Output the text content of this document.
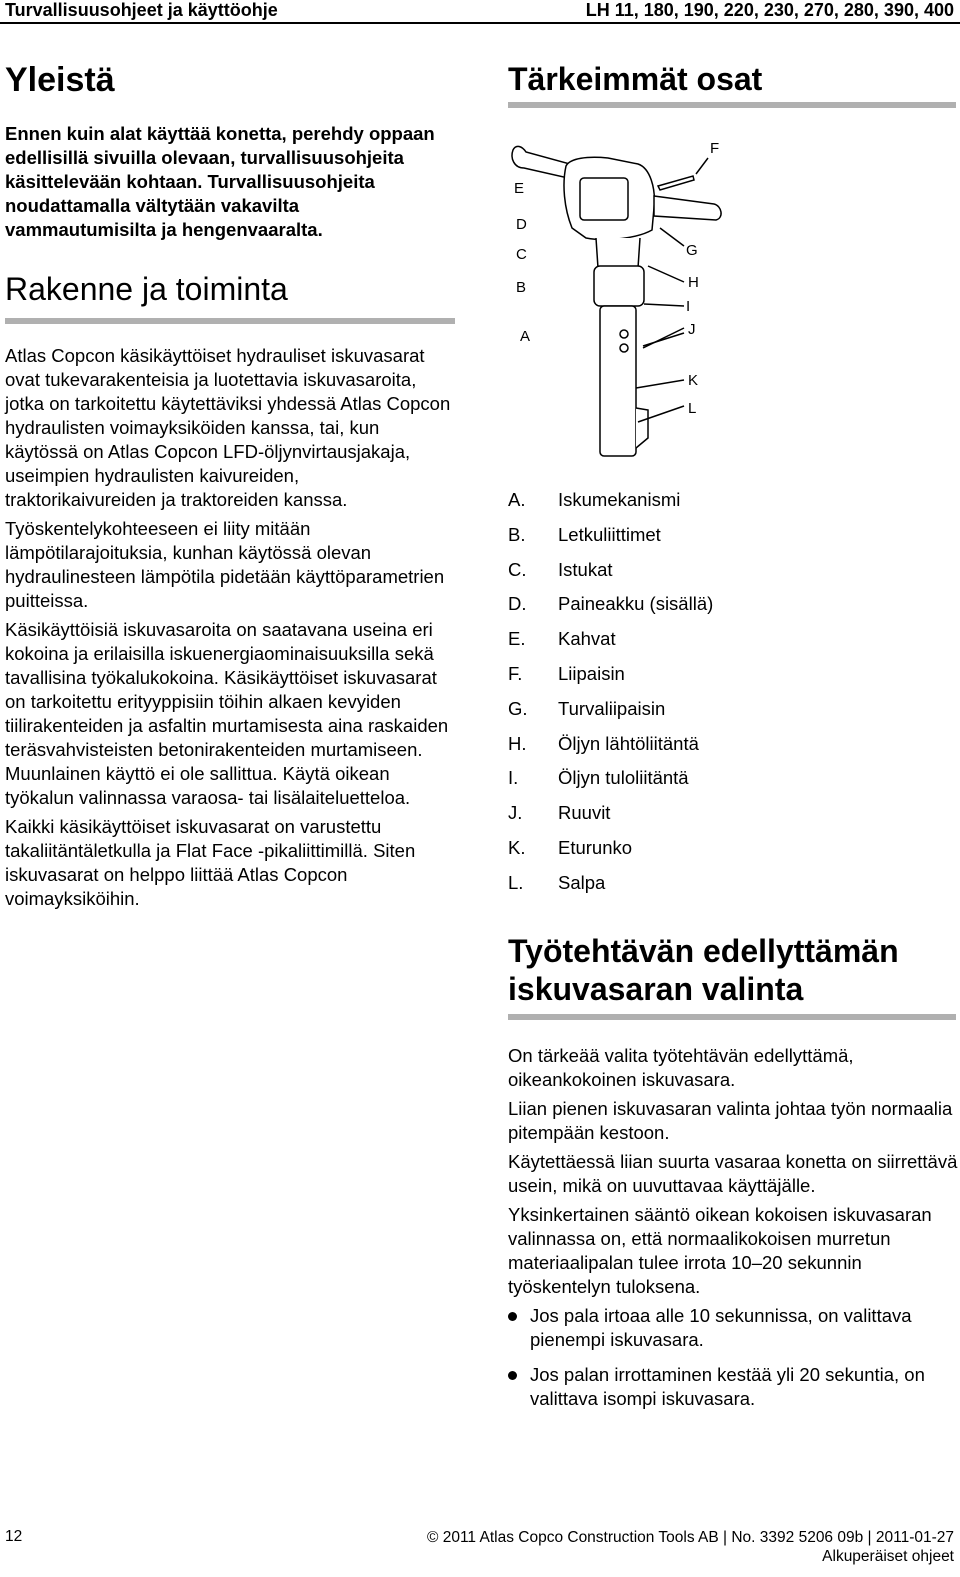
Turvallisuusohjeet ja käyttöohje	LH 11, 180, 190, 220, 230, 270, 280, 390, 400
Yleistä

Ennen kuin alat käyttää konetta, perehdy oppaan edellisillä sivuilla olevaan, turvallisuusohjeita käsittelevään kohtaan. Turvallisuusohjeita noudattamalla vältytään vakavilta vammautumisilta ja hengenvaaralta.

Rakenne ja toiminta

Atlas Copcon käsikäyttöiset hydrauliset iskuvasarat ovat tukevarakenteisia ja luotettavia iskuvasaroita, jotka on tarkoitettu käytettäviksi yhdessä Atlas Copcon hydraulisten voimayksiköiden kanssa, tai, kun käytössä on Atlas Copcon LFD-öljynvirtausjakaja, useimpien hydraulisten kaivureiden, traktorikaivureiden ja traktoreiden kanssa.

Työskentelykohteeseen ei liity mitään lämpötilarajoituksia, kunhan käytössä olevan hydraulinesteen lämpötila pidetään käyttöparametrien puitteissa.

Käsikäyttöisiä iskuvasaroita on saatavana useina eri kokoina ja erilaisilla iskuenergiaominaisuuksilla sekä tavallisina työkalukokoina. Käsikäyttöiset iskuvasarat on tarkoitettu erityyppisiin töihin alkaen kevyiden tiilirakenteiden ja asfaltin murtamisesta aina raskaiden teräsvahvisteisten betonirakenteiden murtamiseen. Muunlainen käyttö ei ole sallittua. Käytä oikean työkalun valinnassa varaosa- tai lisälaiteluetteloa.

Kaikki käsikäyttöiset iskuvasarat on varustettu takaliitäntäletkulla ja Flat Face -pikaliittimillä. Siten iskuvasarat on helppo liittää Atlas Copcon voimayksiköihin.

Tärkeimmät osat
E
D
C
B
A
F
G
H
I
J
K
L
A.	Iskumekanismi
B.	Letkuliittimet
C.	Istukat
D.	Paineakku (sisällä)
E.	Kahvat
F.	Liipaisin
G.	Turvaliipaisin
H.	Öljyn lähtöliitäntä
I.	Öljyn tuloliitäntä
J.	Ruuvit
K.	Eturunko
L.	Salpa
Työtehtävän edellyttämän
iskuvasaran valinta

On tärkeää valita työtehtävän edellyttämä, oikeankokoinen iskuvasara.

Liian pienen iskuvasaran valinta johtaa työn normaalia pitempään kestoon.

Käytettäessä liian suurta vasaraa konetta on siirrettävä usein, mikä on uuvuttavaa käyttäjälle.

Yksinkertainen sääntö oikean kokoisen iskuvasaran valinnassa on, että normaalikokoisen murretun materiaalipalan tulee irrota 10–20 sekunnin työskentelyn tuloksena.

Jos pala irtoaa alle 10 sekunnissa, on valittava pienempi iskuvasara.
Jos palan irrottaminen kestää yli 20 sekuntia, on valittava isompi iskuvasara.
12	© 2011 Atlas Copco Construction Tools AB | No. 3392 5206 09b | 2011-01-27
Alkuperäiset ohjeet
